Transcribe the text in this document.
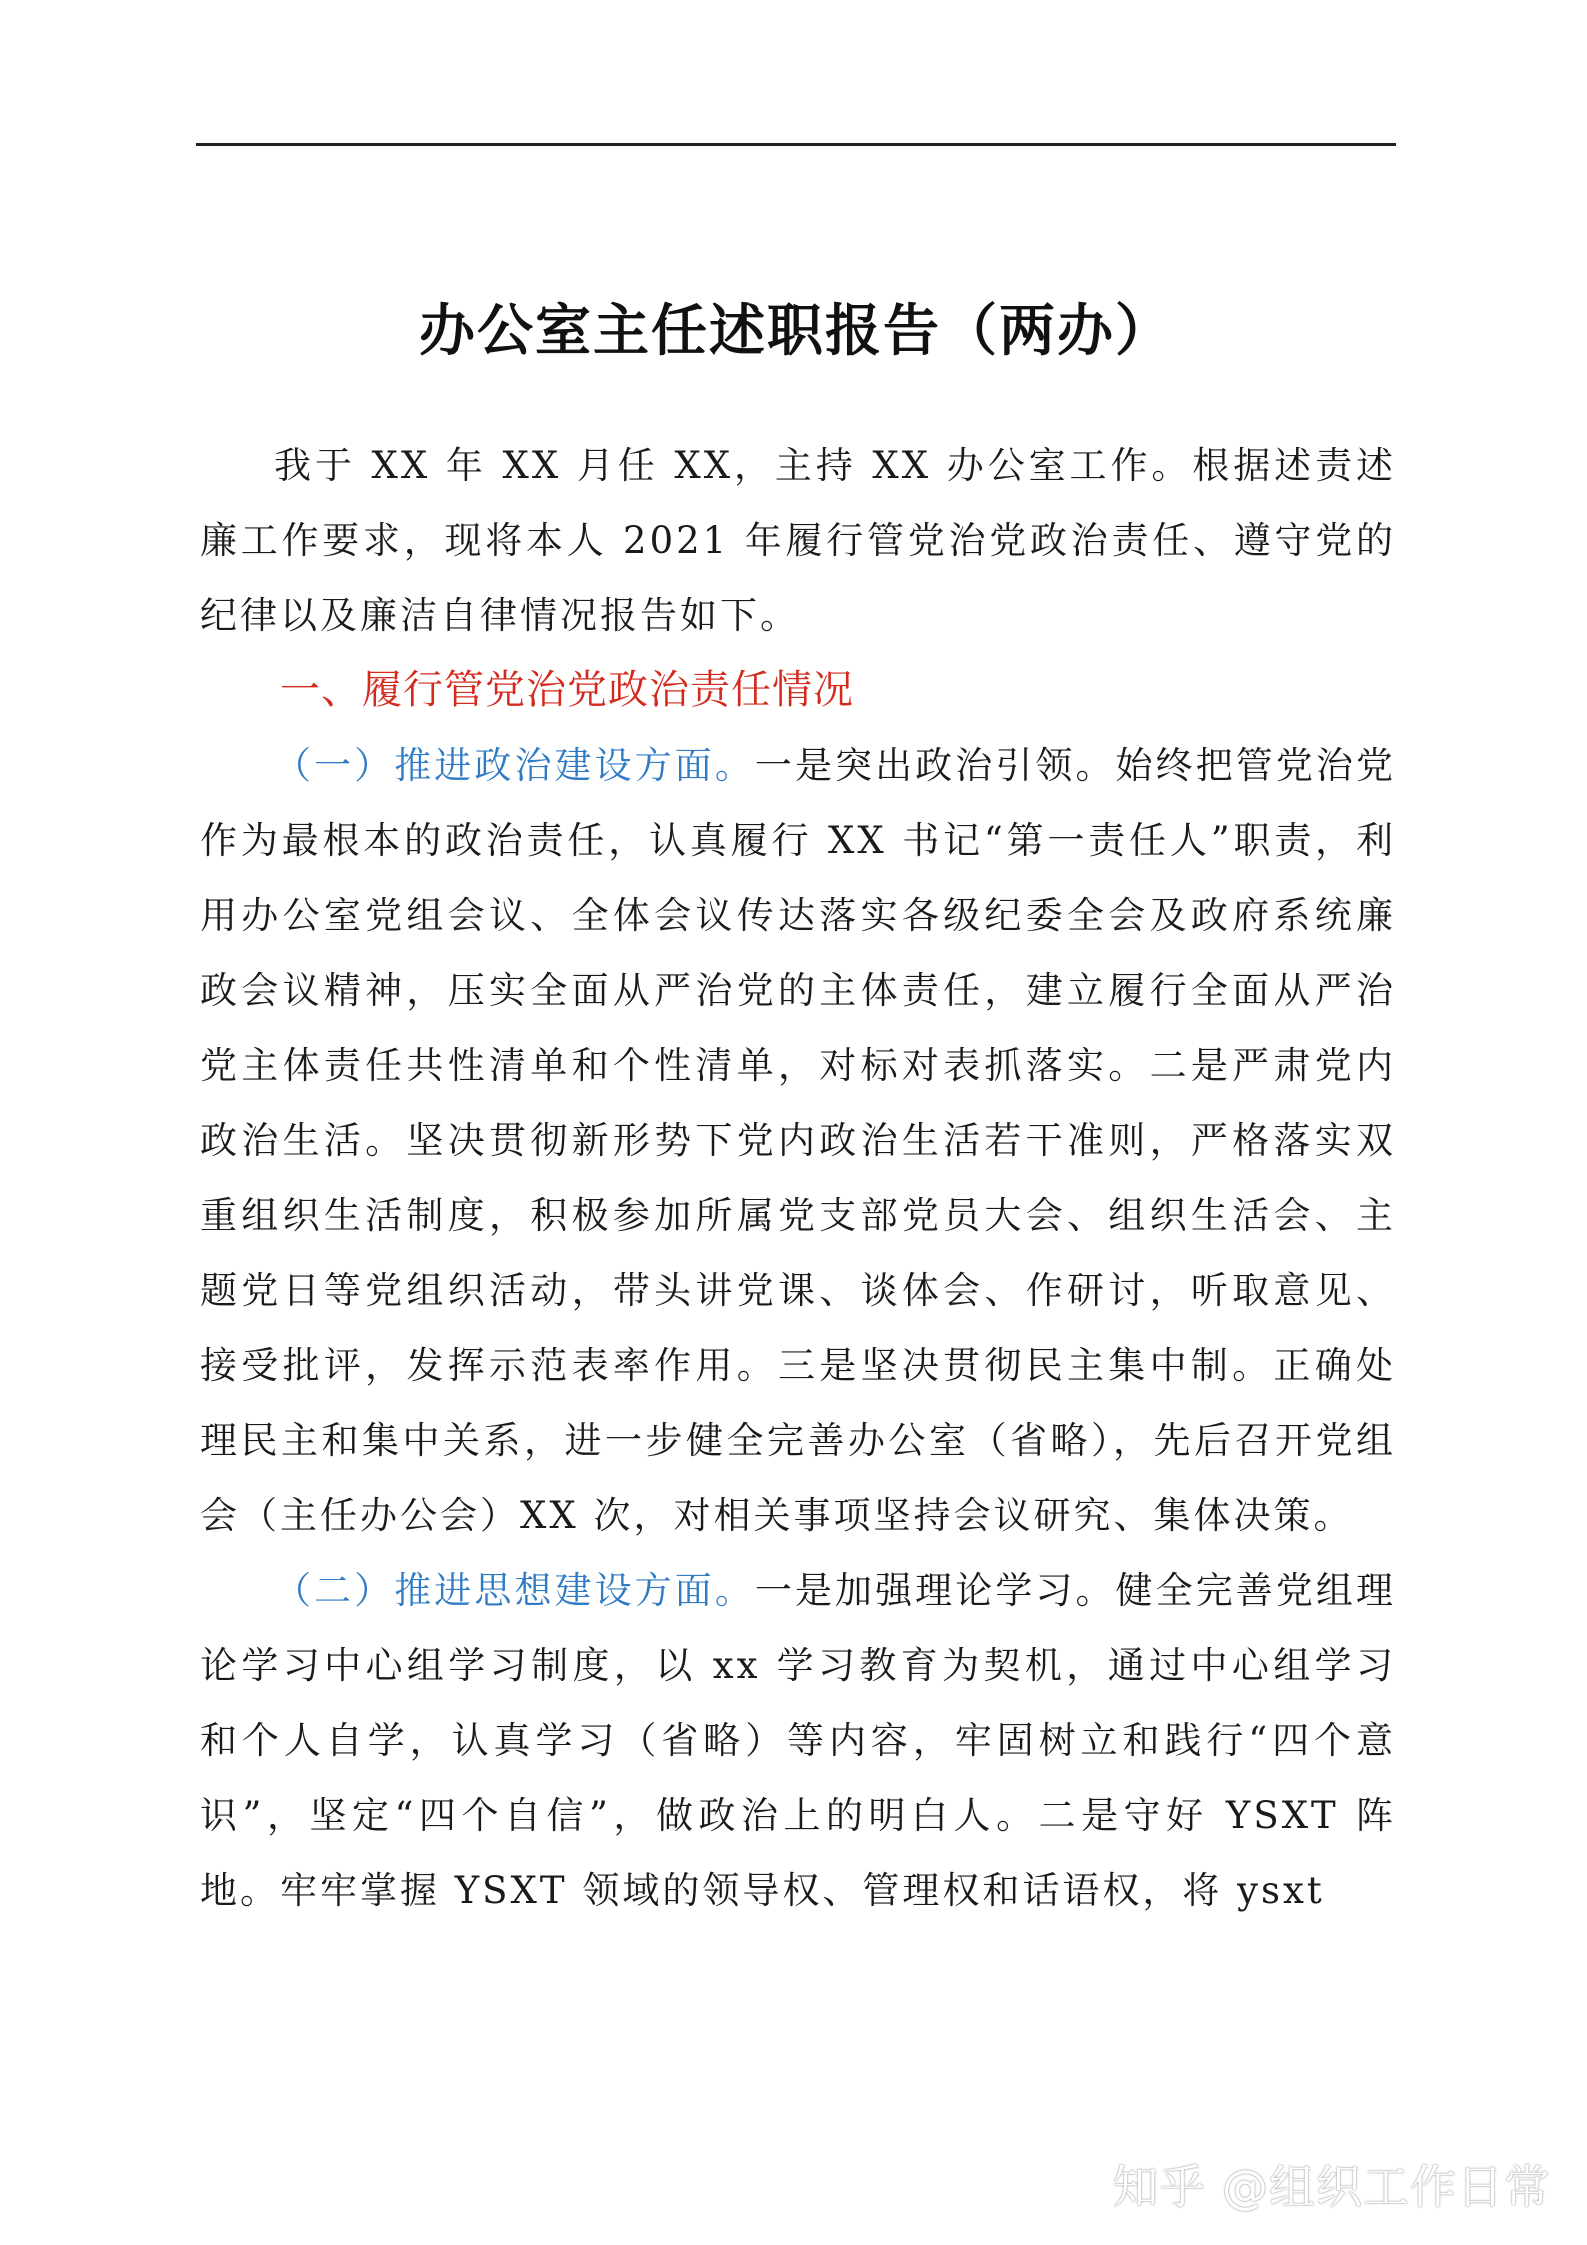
办公室主任述职报告（两办）

我于 XX 年 XX 月任 XX，主持 XX 办公室工作。根据述责述廉工作要求，现将本人 2021 年履行管党治党政治责任、遵守党的纪律以及廉洁自律情况报告如下。

一、履行管党治党政治责任情况

（一）推进政治建设方面。一是突出政治引领。始终把管党治党作为最根本的政治责任，认真履行 XX 书记“第一责任人”职责，利用办公室党组会议、全体会议传达落实各级纪委全会及政府系统廉政会议精神，压实全面从严治党的主体责任，建立履行全面从严治党主体责任共性清单和个性清单，对标对表抓落实。二是严肃党内政治生活。坚决贯彻新形势下党内政治生活若干准则，严格落实双重组织生活制度，积极参加所属党支部党员大会、组织生活会、主题党日等党组织活动，带头讲党课、谈体会、作研讨，听取意见、接受批评，发挥示范表率作用。三是坚决贯彻民主集中制。正确处理民主和集中关系，进一步健全完善办公室（省略），先后召开党组会（主任办公会）XX 次，对相关事项坚持会议研究、集体决策。

（二）推进思想建设方面。一是加强理论学习。健全完善党组理论学习中心组学习制度，以 xx 学习教育为契机，通过中心组学习和个人自学，认真学习（省略）等内容，牢固树立和践行“四个意识”，坚定“四个自信”，做政治上的明白人。二是守好 YSXT 阵地。牢牢掌握 YSXT 领域的领导权、管理权和话语权，将 ysxt

知乎 @组织工作日常
